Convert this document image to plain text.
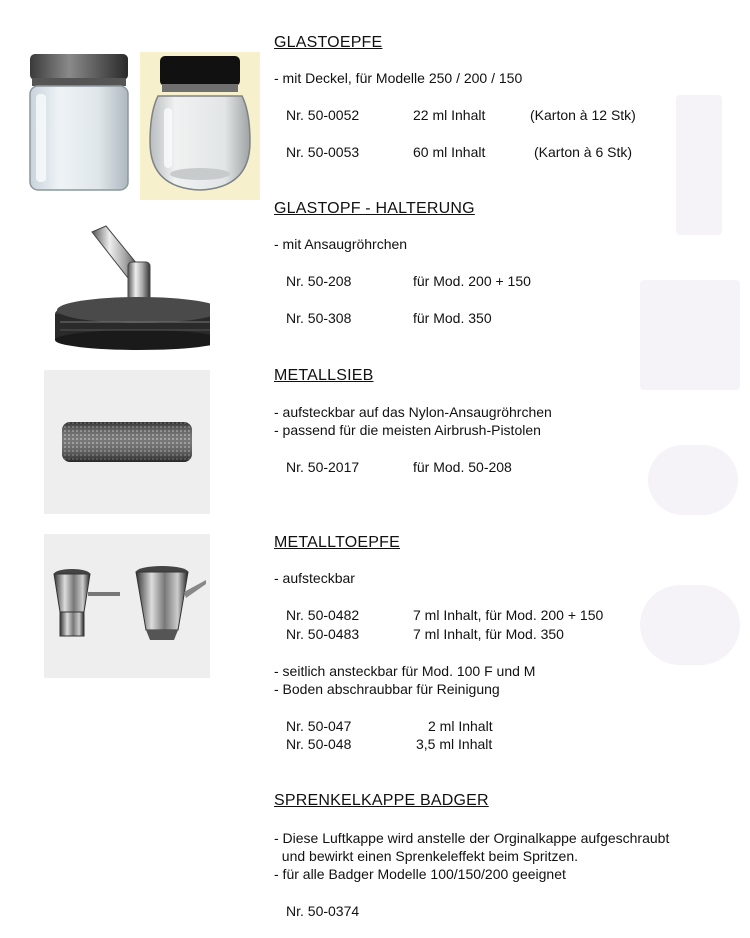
GLASTOEPFE
- mit Deckel, für Modelle 250 / 200 / 150
Nr. 50-0052	22 ml Inhalt	(Karton à 12 Stk)
Nr. 50-0053	60 ml Inhalt	(Karton à 6 Stk)
GLASTOPF - HALTERUNG
- mit Ansaugröhrchen
Nr. 50-208	für Mod. 200 + 150
Nr. 50-308	für Mod. 350
METALLSIEB
- aufsteckbar auf das Nylon-Ansaugröhrchen
- passend für die meisten Airbrush-Pistolen
Nr. 50-2017	für Mod. 50-208
METALLTOEPFE
- aufsteckbar
Nr. 50-0482	7 ml Inhalt, für Mod. 200 + 150
Nr. 50-0483	7 ml Inhalt, für Mod. 350
- seitlich ansteckbar für Mod. 100 F und M
- Boden abschraubbar für Reinigung
Nr. 50-047	2 ml Inhalt
Nr. 50-048	3,5 ml Inhalt
SPRENKELKAPPE BADGER
- Diese Luftkappe wird anstelle der Orginalkappe aufgeschraubt
und bewirkt einen Sprenkeleffekt beim Spritzen.
- für alle Badger Modelle 100/150/200 geeignet
Nr. 50-0374
